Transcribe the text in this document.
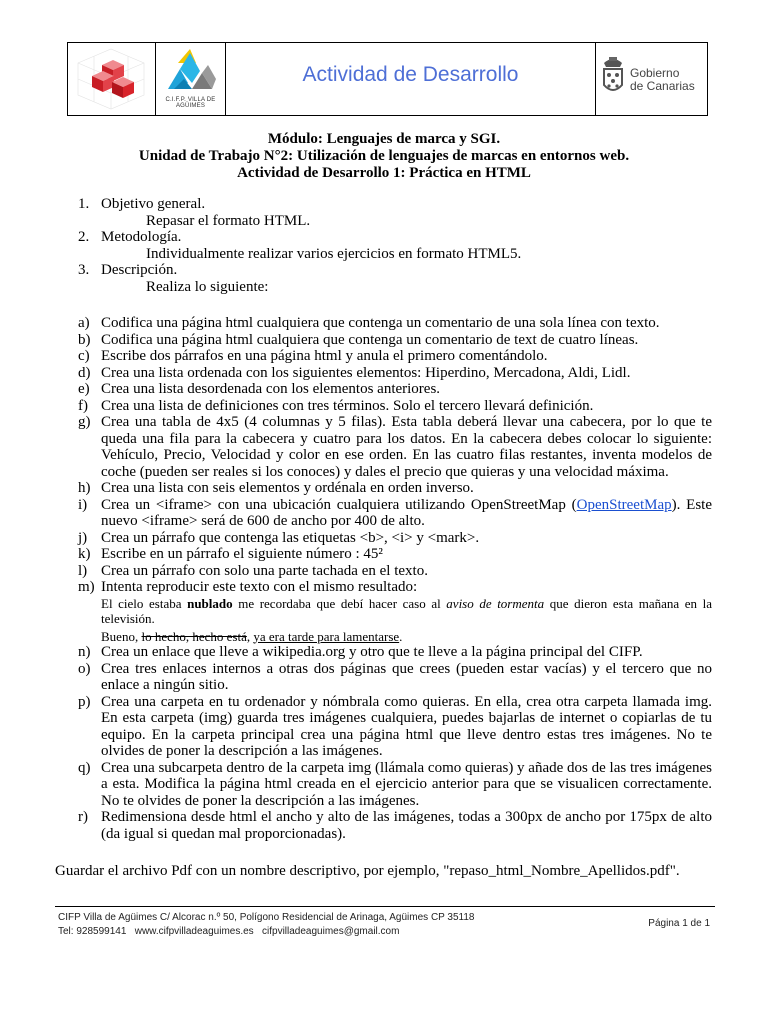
C.I.F.P. VILLA DE AGÜIMES
Actividad de Desarrollo	Gobierno
de Canarias
Módulo: Lenguajes de marca y SGI.
Unidad de Trabajo N°2: Utilización de lenguajes de marcas en entornos web.
Actividad de Desarrollo 1: Práctica en HTML
1. Objetivo general.
Repasar el formato HTML.
2. Metodología.
Individualmente realizar varios ejercicios en formato HTML5.
3. Descripción.
Realiza lo siguiente:
a) Codifica una página html cualquiera que contenga un comentario de una sola línea con texto.
b) Codifica una página html cualquiera que contenga un comentario de text de cuatro líneas.
c) Escribe dos párrafos en una página html y anula el primero comentándolo.
d) Crea una lista ordenada con los siguientes elementos: Hiperdino, Mercadona, Aldi, Lidl.
e) Crea una lista desordenada con los elementos anteriores.
f) Crea una lista de definiciones con tres términos. Solo el tercero llevará definición.
g) Crea una tabla de 4x5 (4 columnas y 5 filas). Esta tabla deberá llevar una cabecera, por lo que te queda una fila para la cabecera y cuatro para los datos. En la cabecera debes colocar lo siguiente: Vehículo, Precio, Velocidad y color en ese orden. En las cuatro filas restantes, inventa modelos de coche (pueden ser reales si los conoces) y dales el precio que quieras y una velocidad máxima.
h) Crea una lista con seis elementos y ordénala en orden inverso.
i) Crea un <iframe> con una ubicación cualquiera utilizando OpenStreetMap (OpenStreetMap). Este nuevo <iframe> será de 600 de ancho por 400 de alto.
j) Crea un párrafo que contenga las etiquetas <b>, <i> y <mark>.
k) Escribe en un párrafo el siguiente número : 45²
l) Crea un párrafo con solo una parte tachada en el texto.
m) Intenta reproducir este texto con el mismo resultado:
El cielo estaba nublado me recordaba que debí hacer caso al aviso de tormenta que dieron esta mañana en la televisión.
Bueno, lo hecho, hecho está, ya era tarde para lamentarse.
n) Crea un enlace que lleve a wikipedia.org y otro que te lleve a la página principal del CIFP.
o) Crea tres enlaces internos a otras dos páginas que crees (pueden estar vacías) y el tercero que no enlace a ningún sitio.
p) Crea una carpeta en tu ordenador y nómbrala como quieras. En ella, crea otra carpeta llamada img. En esta carpeta (img) guarda tres imágenes cualquiera, puedes bajarlas de internet o copiarlas de tu equipo. En la carpeta principal crea una página html que lleve dentro estas tres imágenes. No te olvides de poner la descripción a las imágenes.
q) Crea una subcarpeta dentro de la carpeta img (llámala como quieras) y añade dos de las tres imágenes a esta. Modifica la página html creada en el ejercicio anterior para que se visualicen correctamente. No te olvides de poner la descripción a las imágenes.
r) Redimensiona desde html el ancho y alto de las imágenes, todas a 300px de ancho por 175px de alto (da igual si quedan mal proporcionadas).
Guardar el archivo Pdf con un nombre descriptivo, por ejemplo, "repaso_html_Nombre_Apellidos.pdf".
CIFP Villa de Agüimes C/ Alcorac n.º 50, Polígono Residencial de Arinaga, Agüimes CP 35118
Tel: 928599141   www.cifpvilladeaguimes.es   cifpvilladeaguimes@gmail.com
Página 1 de 1
